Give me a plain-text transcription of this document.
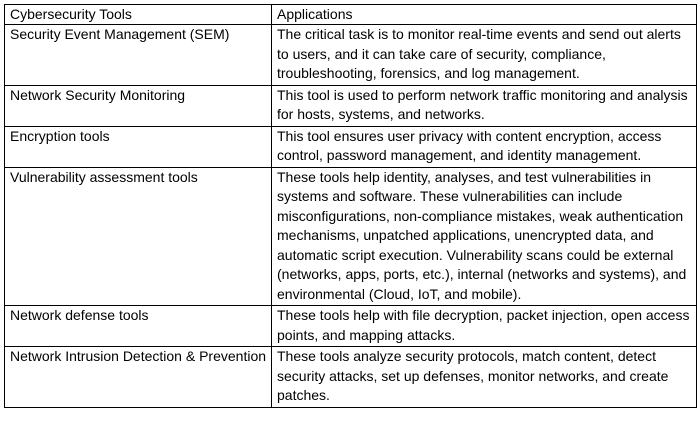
Cybersecurity Tools	Applications
Security Event Management (SEM)	The critical task is to monitor real-time events and send out alerts to users, and it can take care of security, compliance, troubleshooting, forensics, and log management.
Network Security Monitoring	This tool is used to perform network traffic monitoring and analysis for hosts, systems, and networks.
Encryption tools	This tool ensures user privacy with content encryption, access control, password management, and identity management.
Vulnerability assessment tools	These tools help identity, analyses, and test vulnerabilities in systems and software. These vulnerabilities can include misconfigurations, non-compliance mistakes, weak authentication mechanisms, unpatched applications, unencrypted data, and automatic script execution. Vulnerability scans could be external (networks, apps, ports, etc.), internal (networks and systems), and environmental (Cloud, IoT, and mobile).
Network defense tools	These tools help with file decryption, packet injection, open access points, and mapping attacks.
Network Intrusion Detection & Prevention	These tools analyze security protocols, match content, detect security attacks, set up defenses, monitor networks, and create patches.
